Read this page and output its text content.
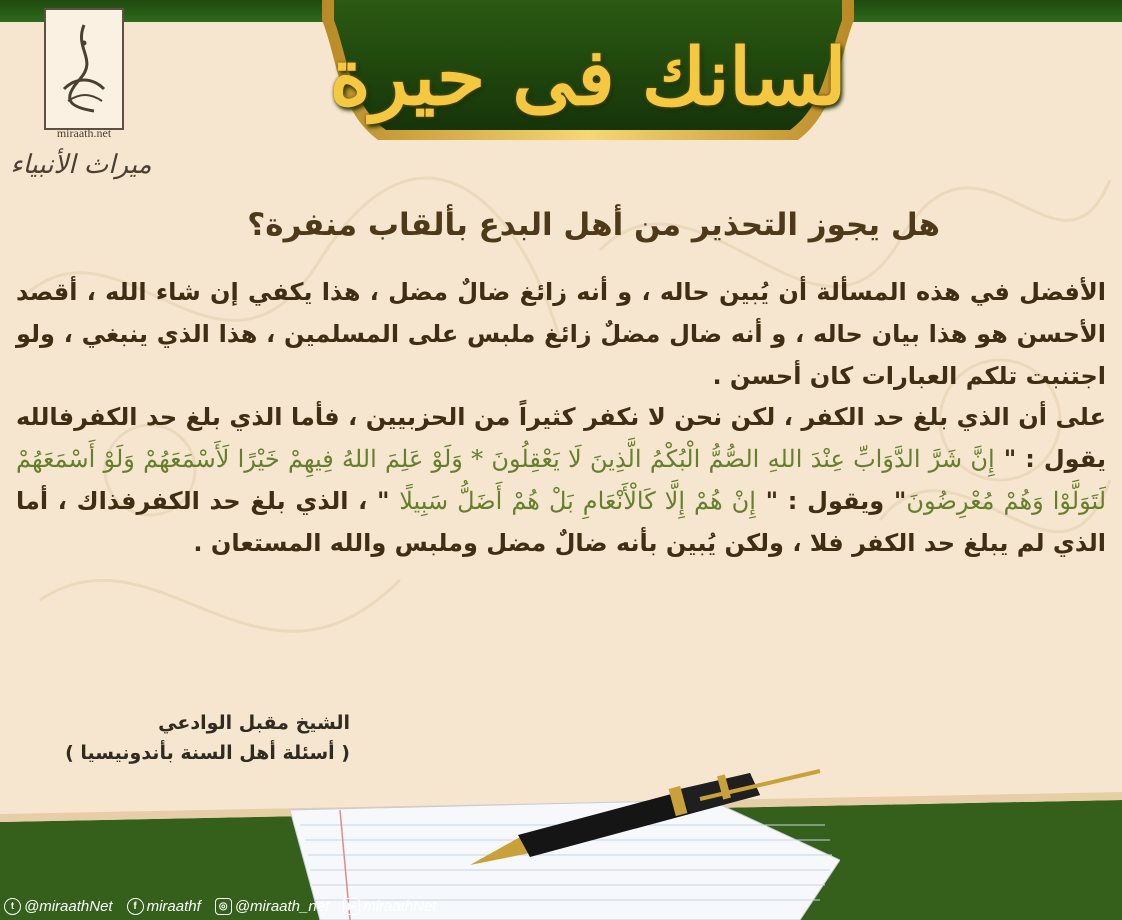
لسانك فى حيرة
miraath.net
ميراث الأنبياء
هل يجوز التحذير من أهل البدع بألقاب منفرة؟

الأفضل في هذه المسألة أن يُبين حاله ، و أنه زائغ ضالٌ مضل ، هذا يكفي إن شاء الله ، أقصد الأحسن هو هذا بيان حاله ، و أنه ضال مضلٌ زائغ ملبس على المسلمين ، هذا الذي ينبغي ، ولو اجتنبت تلكم العبارات كان أحسن .

على أن الذي بلغ حد الكفر ، لكن نحن لا نكفر كثيراً من الحزبيين ، فأما الذي بلغ حد الكفرفالله يقول : " إِنَّ شَرَّ الدَّوَابِّ عِنْدَ اللهِ الصُّمُّ الْبُكْمُ الَّذِينَ لَا يَعْقِلُونَ * وَلَوْ عَلِمَ اللهُ فِيهِمْ خَيْرًا لَأَسْمَعَهُمْ وَلَوْ أَسْمَعَهُمْ لَتَوَلَّوْا وَهُمْ مُعْرِضُونَ" ويقول : " إِنْ هُمْ إِلَّا كَالْأَنْعَامِ بَلْ هُمْ أَضَلُّ سَبِيلًا " ، الذي بلغ حد الكفرفذاك ، أما الذي لم يبلغ حد الكفر فلا ، ولكن يُبين بأنه ضالٌ مضل وملبس والله المستعان .

الشيخ مقبل الوادعي
( أسئلة أهل السنة بأندونيسيا )
t @miraathNet	f miraathf	◎ @miraath_net	▶ miraathNet
